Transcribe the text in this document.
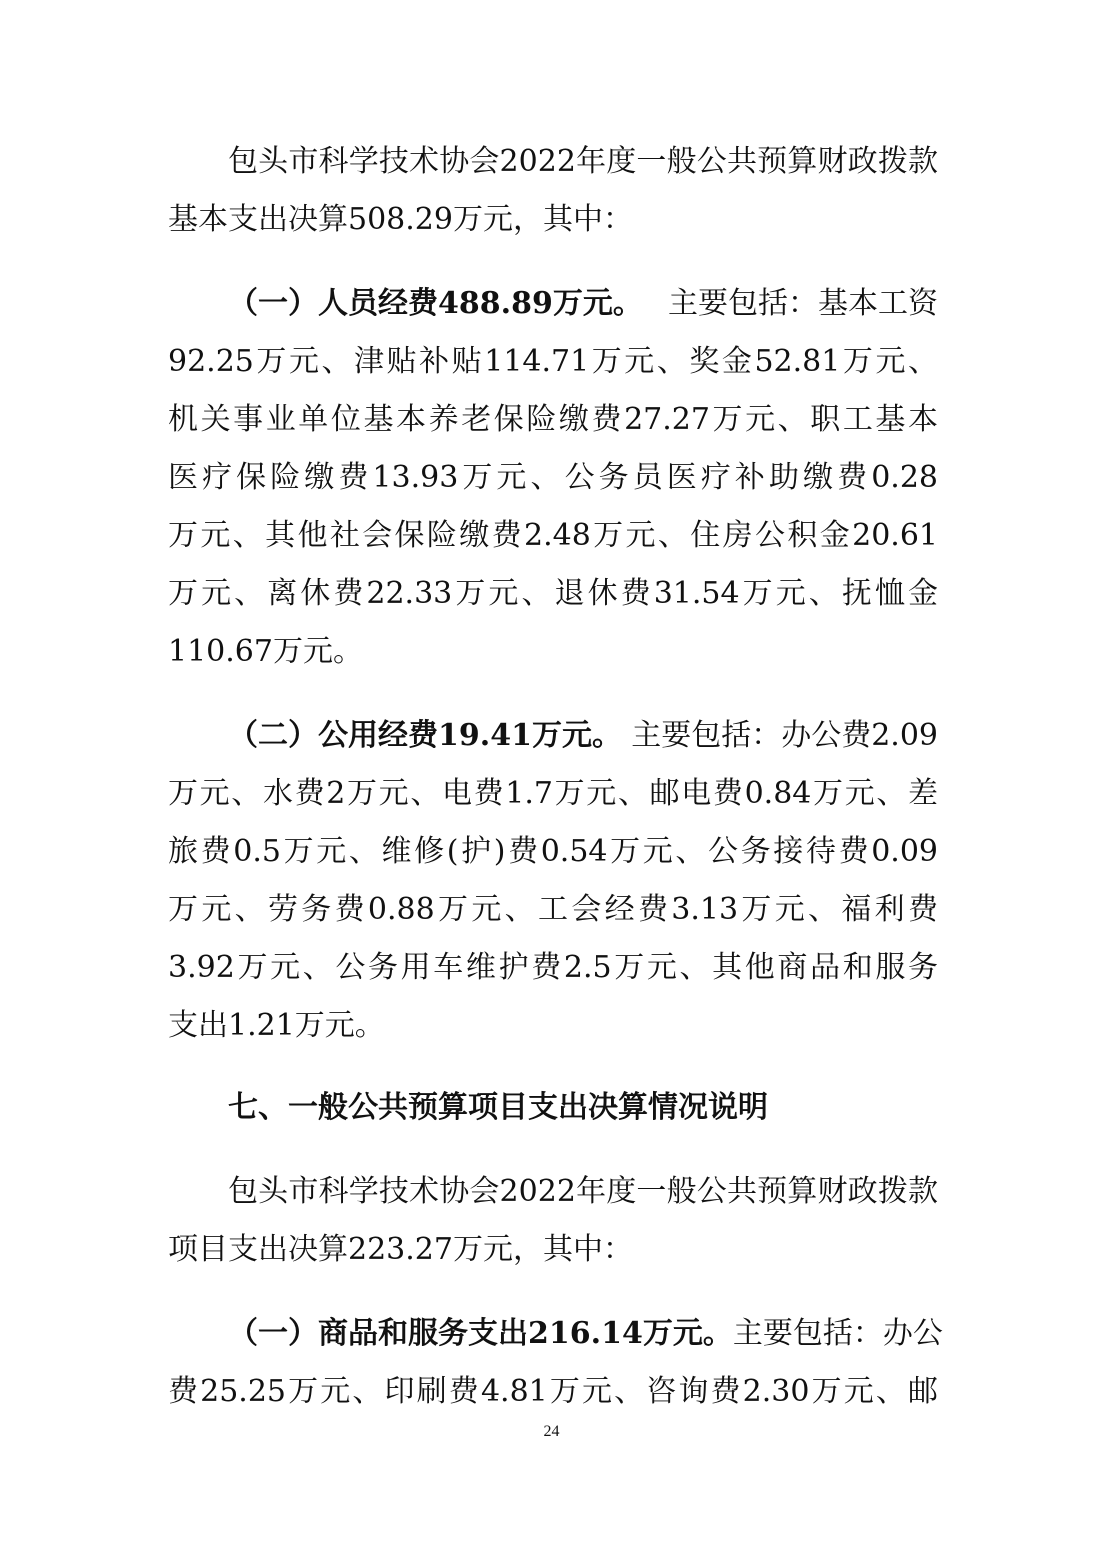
包头市科学技术协会2022年度一般公共预算财政拨款
基本支出决算508.29万元，其中：
（一）人员经费488.89万元。 主要包括：基本工资
92.25万元、津贴补贴114.71万元、奖金52.81万元、
机关事业单位基本养老保险缴费27.27万元、职工基本
医疗保险缴费13.93万元、公务员医疗补助缴费0.28
万元、其他社会保险缴费2.48万元、住房公积金20.61
万元、离休费22.33万元、退休费31.54万元、抚恤金
110.67万元。
（二）公用经费19.41万元。 主要包括：办公费2.09
万元、水费2万元、电费1.7万元、邮电费0.84万元、差
旅费0.5万元、维修(护)费0.54万元、公务接待费0.09
万元、劳务费0.88万元、工会经费3.13万元、福利费
3.92万元、公务用车维护费2.5万元、其他商品和服务
支出1.21万元。
七、一般公共预算项目支出决算情况说明
包头市科学技术协会2022年度一般公共预算财政拨款
项目支出决算223.27万元，其中：
（一）商品和服务支出216.14万元。 主要包括：办公
费25.25万元、印刷费4.81万元、咨询费2.30万元、邮
24
